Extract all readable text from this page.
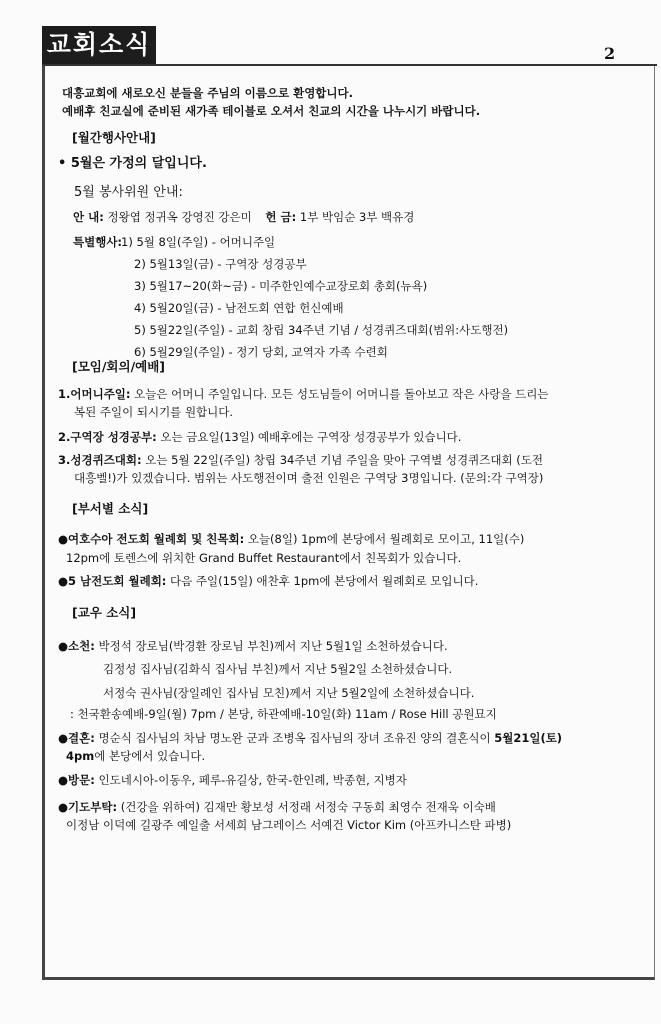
교회소식	2
대흥교회에 새로오신 분들을 주님의 이름으로 환영합니다.
예배후 친교실에 준비된 새가족 테이블로 오셔서 친교의 시간을 나누시기 바랍니다.
[월간행사안내]
• 5월은 가정의 달입니다.
5월 봉사위원 안내:
안 내: 정왕엽 정귀옥 강영진 강은미 헌 금: 1부 박임순 3부 백유경
특별행사:
1) 5월 8일(주일) - 어머니주일
2) 5월13일(금) - 구역장 성경공부
3) 5월17~20(화~금) - 미주한인예수교장로회 총회(뉴욕)
4) 5월20일(금) - 남전도회 연합 헌신예배
5) 5월22일(주일) - 교회 창립 34주년 기념 / 성경퀴즈대회(범위:사도행전)
6) 5월29일(주일) - 정기 당회, 교역자 가족 수련회
[모임/회의/예배]
1.어머니주일: 오늘은 어머니 주일입니다. 모든 성도님들이 어머니를 돌아보고 작은 사랑을 드리는
복된 주일이 되시기를 원합니다.
2.구역장 성경공부: 오는 금요일(13일) 예배후에는 구역장 성경공부가 있습니다.
3.성경퀴즈대회: 오는 5월 22일(주일) 창립 34주년 기념 주일을 맞아 구역별 성경퀴즈대회 (도전
대흥벨!)가 있겠습니다. 범위는 사도행전이며 출전 인원은 구역당 3명입니다. (문의:각 구역장)
[부서별 소식]
●여호수아 전도회 월례회 및 친목회: 오늘(8일) 1pm에 본당에서 월례회로 모이고, 11일(수)
12pm에 토렌스에 위치한 Grand Buffet Restaurant에서 친목회가 있습니다.
●5 남전도회 월례회: 다음 주일(15일) 애찬후 1pm에 본당에서 월례회로 모입니다.
[교우 소식]
●소천: 박정석 장로님(박경환 장로님 부친)께서 지난 5월1일 소천하셨습니다.
김정성 집사님(김화식 집사님 부친)께서 지난 5월2일 소천하셨습니다.
서정숙 권사님(장일례인 집사님 모친)께서 지난 5월2일에 소천하셨습니다.
: 천국환송예배-9일(월) 7pm / 본당, 하관예배-10일(화) 11am / Rose Hill 공원묘지
●결혼: 명순식 집사님의 차남 명노완 군과 조병옥 집사님의 장녀 조유진 양의 결혼식이 5월21일(토)
4pm에 본당에서 있습니다.
●방문: 인도네시아-이동우, 페루-유길상, 한국-한인례, 박종현, 지병자
●기도부탁: (건강을 위하여) 김재만 황보성 서정래 서정숙 구동희 최영수 전재욱 이숙배
이정남 이덕예 길광주 예일출 서세희 남그레이스 서예건 Victor Kim (아프카니스탄 파병)
